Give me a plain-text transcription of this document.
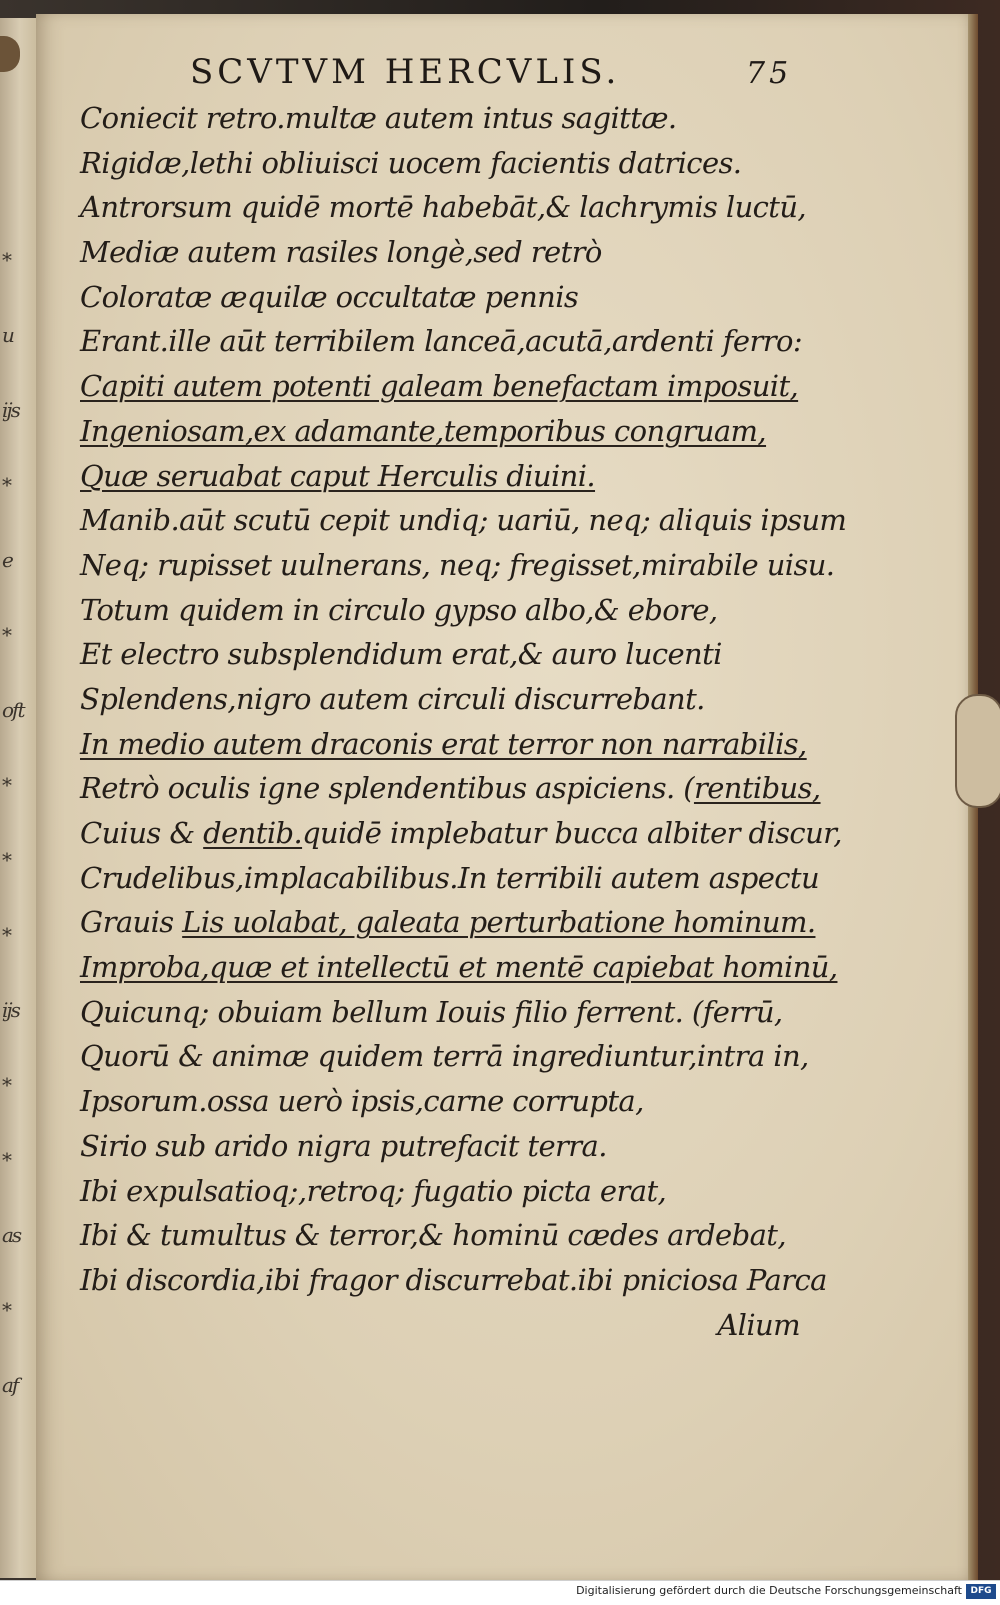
*
u
ijs
*
e
*
oft
*
*
*
ijs
*
*
as
*
af
SCVTVM HERCVLIS.	75
Coniecit retro.multæ autem intus sagittæ.
Rigidæ,lethi obliuisci uocem facientis datrices.
Antrorsum quidē mortē habebāt,& lachrymis luctū,
Mediæ autem rasiles longè,sed retrò
Coloratæ æquilæ occultatæ pennis
Erant.ille aūt terribilem lanceā,acutā,ardenti ferro:
Capiti autem potenti galeam benefactam imposuit,
Ingeniosam,ex adamante,temporibus congruam,
Quæ seruabat caput Herculis diuini.
Manib.aūt scutū cepit undiq; uariū, neq; aliquis ipsum
Neq; rupisset uulnerans, neq; fregisset,mirabile uisu.
Totum quidem in circulo gypso albo,& ebore,
Et electro subsplendidum erat,& auro lucenti
Splendens,nigro autem circuli discurrebant.
In medio autem draconis erat terror non narrabilis,
Retrò oculis igne splendentibus aspiciens. (rentibus,
Cuius & dentib.quidē implebatur bucca albiter discur,
Crudelibus,implacabilibus.In terribili autem aspectu
Grauis Lis uolabat, galeata perturbatione hominum.
Improba,quæ et intellectū et mentē capiebat hominū,
Quicunq; obuiam bellum Iouis filio ferrent. (ferrū,
Quorū & animæ quidem terrā ingrediuntur,intra in,
Ipsorum.ossa uerò ipsis,carne corrupta,
Sirio sub arido nigra putrefacit terra.
Ibi expulsatioq;,retroq; fugatio picta erat,
Ibi & tumultus & terror,& hominū cædes ardebat,
Ibi discordia,ibi fragor discurrebat.ibi pniciosa Parca
Alium
Digitalisierung gefördert durch die Deutsche Forschungsgemeinschaft DFG
